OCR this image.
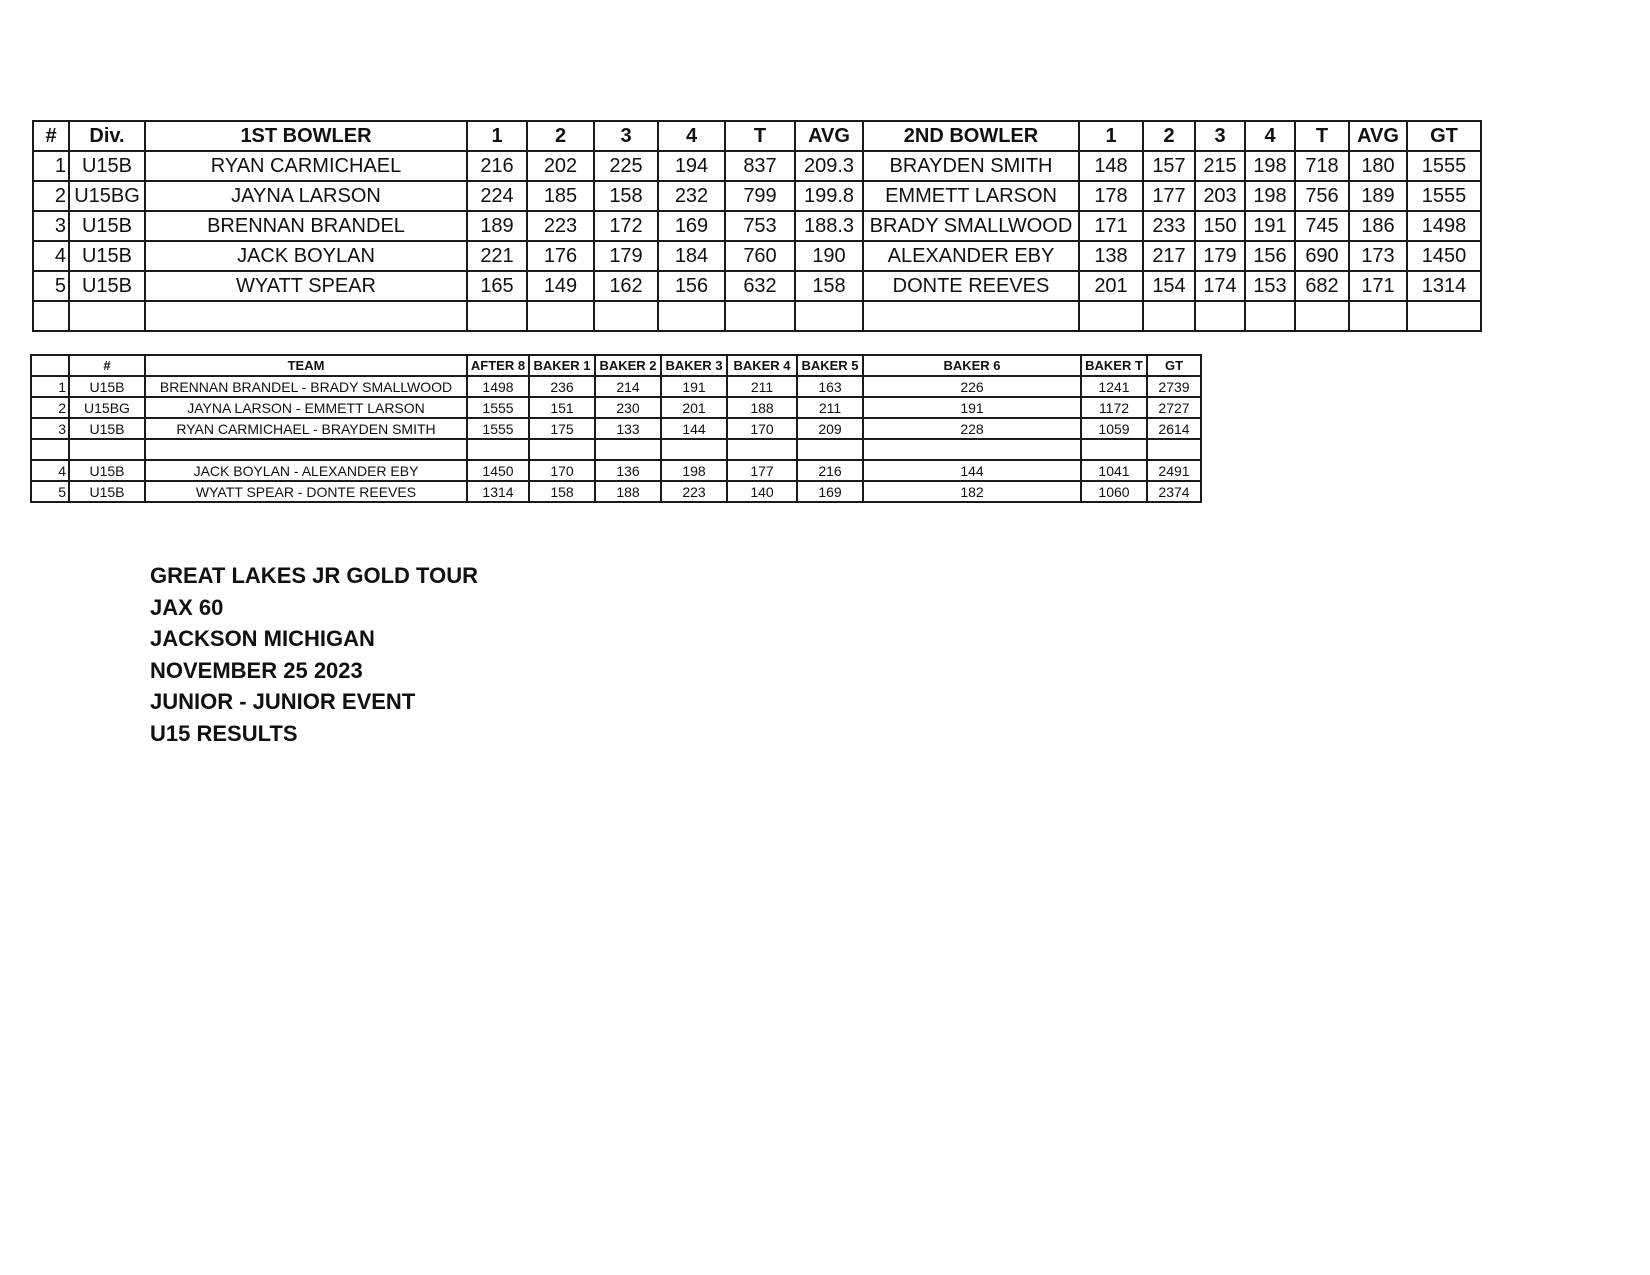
#	Div.	1ST BOWLER	1	2	3	4	T	AVG	2ND BOWLER	1	2	3	4	T	AVG	GT
1	U15B	RYAN CARMICHAEL	216	202	225	194	837	209.3	BRAYDEN SMITH	148	157	215	198	718	180	1555
2	U15BG	JAYNA LARSON	224	185	158	232	799	199.8	EMMETT LARSON	178	177	203	198	756	189	1555
3	U15B	BRENNAN BRANDEL	189	223	172	169	753	188.3	BRADY SMALLWOOD	171	233	150	191	745	186	1498
4	U15B	JACK BOYLAN	221	176	179	184	760	190	ALEXANDER EBY	138	217	179	156	690	173	1450
5	U15B	WYATT SPEAR	165	149	162	156	632	158	DONTE REEVES	201	154	174	153	682	171	1314

	#	TEAM	AFTER 8	BAKER 1	BAKER 2	BAKER 3	BAKER 4	BAKER 5	BAKER 6	BAKER T	GT
1	U15B	BRENNAN BRANDEL - BRADY SMALLWOOD	1498	236	214	191	211	163	226	1241	2739
2	U15BG	JAYNA LARSON - EMMETT LARSON	1555	151	230	201	188	211	191	1172	2727
3	U15B	RYAN CARMICHAEL - BRAYDEN SMITH	1555	175	133	144	170	209	228	1059	2614

4	U15B	JACK BOYLAN - ALEXANDER EBY	1450	170	136	198	177	216	144	1041	2491
5	U15B	WYATT SPEAR - DONTE REEVES	1314	158	188	223	140	169	182	1060	2374
GREAT LAKES JR GOLD TOUR
JAX 60
JACKSON MICHIGAN
NOVEMBER 25 2023
JUNIOR - JUNIOR EVENT
U15 RESULTS
